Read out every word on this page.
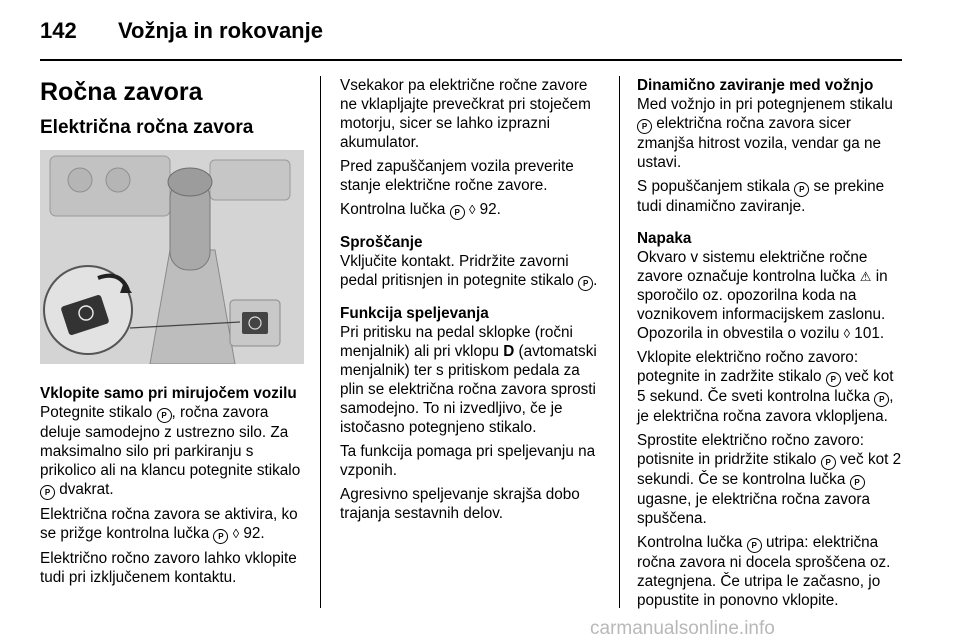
142 Vožnja in rokovanje
Ročna zavora
Električna ročna zavora

Vklopite samo pri mirujočem vozilu

Potegnite stikalo P , ročna zavora deluje samodejno z ustrezno silo. Za maksimalno silo pri parkiranju s prikolico ali na klancu potegnite stikalo P dvakrat.

Električna ročna zavora se aktivira, ko se prižge kontrolna lučka P ◊ 92.

Električno ročno zavoro lahko vklopite tudi pri izključenem kontaktu.

Vsekakor pa električne ročne zavore ne vklapljajte prevečkrat pri stoječem motorju, sicer se lahko izprazni akumulator.

Pred zapuščanjem vozila preverite stanje električne ročne zavore.

Kontrolna lučka P ◊ 92.

Sproščanje

Vključite kontakt. Pridržite zavorni pedal pritisnjen in potegnite stikalo P .

Funkcija speljevanja

Pri pritisku na pedal sklopke (ročni menjalnik) ali pri vklopu D (avtomatski menjalnik) ter s pritiskom pedala za plin se električna ročna zavora sprosti samodejno. To ni izvedljivo, če je istočasno potegnjeno stikalo.

Ta funkcija pomaga pri speljevanju na vzponih.

Agresivno speljevanje skrajša dobo trajanja sestavnih delov.

Dinamično zaviranje med vožnjo

Med vožnjo in pri potegnjenem stikalu P električna ročna zavora sicer zmanjša hitrost vozila, vendar ga ne ustavi.

S popuščanjem stikala P se prekine tudi dinamično zaviranje.

Napaka

Okvaro v sistemu električne ročne zavore označuje kontrolna lučka ⚠ in sporočilo oz. opozorilna koda na voznikovem informacijskem zaslonu. Opozorila in obvestila o vozilu ◊ 101.

Vklopite električno ročno zavoro: potegnite in zadržite stikalo P več kot 5 sekund. Če sveti kontrolna lučka P , je električna ročna zavora vklopljena.

Sprostite električno ročno zavoro: potisnite in pridržite stikalo P več kot 2 sekundi. Če se kontrolna lučka P ugasne, je električna ročna zavora spuščena.

Kontrolna lučka P utripa: električna ročna zavora ni docela sproščena oz. zategnjena. Če utripa le začasno, jo popustite in ponovno vklopite.

carmanualsonline.info
